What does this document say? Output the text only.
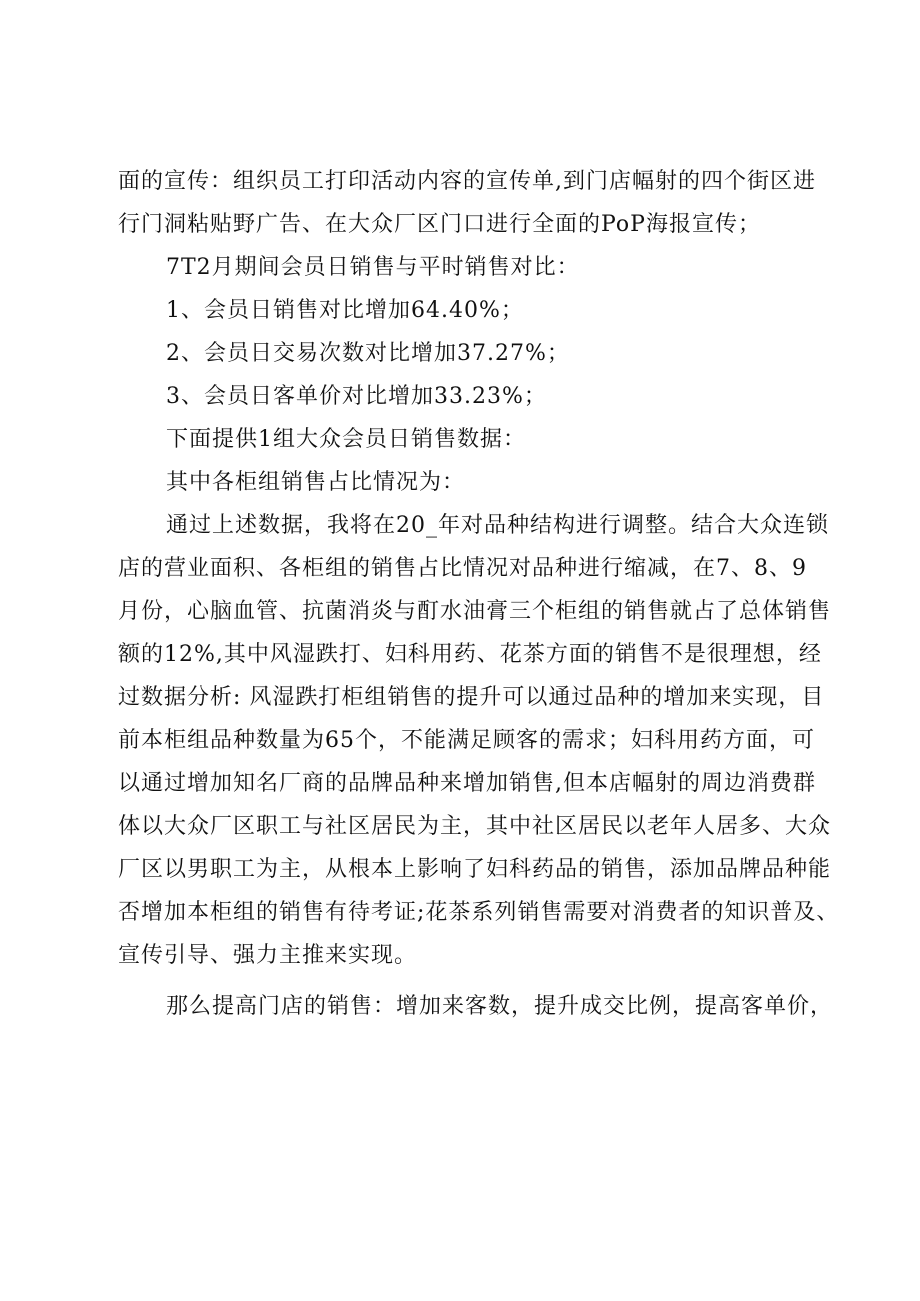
面的宣传：组织员工打印活动内容的宣传单,到门店幅射的四个街区进
行门洞粘贴野广告、在大众厂区门口进行全面的PoP海报宣传；
7T2月期间会员日销售与平时销售对比：
1、会员日销售对比增加64.40%；
2、会员日交易次数对比增加37.27%；
3、会员日客单价对比增加33.23%；
下面提供1组大众会员日销售数据：
其中各柜组销售占比情况为：
通过上述数据，我将在20_年对品种结构进行调整。结合大众连锁
店的营业面积、各柜组的销售占比情况对品种进行缩减，在7、8、9
月份，心脑血管、抗菌消炎与酊水油膏三个柜组的销售就占了总体销售
额的12%,其中风湿跌打、妇科用药、花茶方面的销售不是很理想，经
过数据分析: 风湿跌打柜组销售的提升可以通过品种的增加来实现，目
前本柜组品种数量为65个，不能满足顾客的需求；妇科用药方面，可
以通过增加知名厂商的品牌品种来增加销售,但本店幅射的周边消费群
体以大众厂区职工与社区居民为主，其中社区居民以老年人居多、大众
厂区以男职工为主，从根本上影响了妇科药品的销售，添加品牌品种能
否增加本柜组的销售有待考证;花茶系列销售需要对消费者的知识普及、
宣传引导、强力主推来实现。
那么提高门店的销售：增加来客数，提升成交比例，提高客单价，
